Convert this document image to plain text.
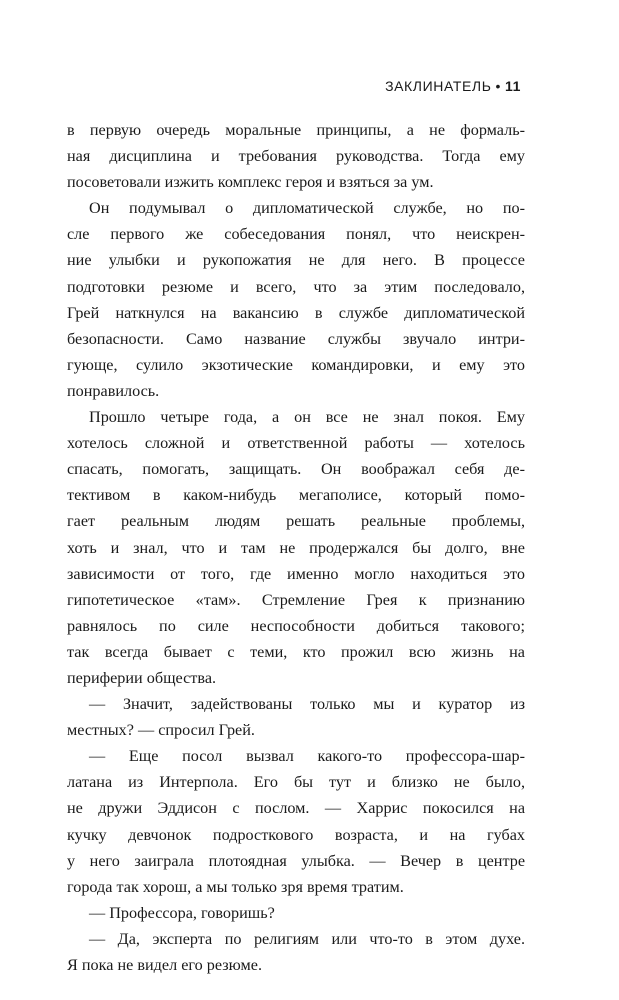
ЗАКЛИНАТЕЛЬ • 11
в первую очередь моральные принципы, а не формаль-
ная дисциплина и требования руководства. Тогда ему
посоветовали изжить комплекс героя и взяться за ум.
Он подумывал о дипломатической службе, но по-
сле первого же собеседования понял, что неискрен-
ние улыбки и рукопожатия не для него. В процессе
подготовки резюме и всего, что за этим последовало,
Грей наткнулся на вакансию в службе дипломатической
безопасности. Само название службы звучало интри-
гующе, сулило экзотические командировки, и ему это
понравилось.
Прошло четыре года, а он все не знал покоя. Ему
хотелось сложной и ответственной работы — хотелось
спасать, помогать, защищать. Он воображал себя де-
тективом в каком-нибудь мегаполисе, который помо-
гает реальным людям решать реальные проблемы,
хоть и знал, что и там не продержался бы долго, вне
зависимости от того, где именно могло находиться это
гипотетическое «там». Стремление Грея к признанию
равнялось по силе неспособности добиться такового;
так всегда бывает с теми, кто прожил всю жизнь на
периферии общества.
— Значит, задействованы только мы и куратор из
местных? — спросил Грей.
— Еще посол вызвал какого-то профессора-шар-
латана из Интерпола. Его бы тут и близко не было,
не дружи Эддисон с послом. — Харрис покосился на
кучку девчонок подросткового возраста, и на губах
у него заиграла плотоядная улыбка. — Вечер в центре
города так хорош, а мы только зря время тратим.
— Профессора, говоришь?
— Да, эксперта по религиям или что-то в этом духе.
Я пока не видел его резюме.
